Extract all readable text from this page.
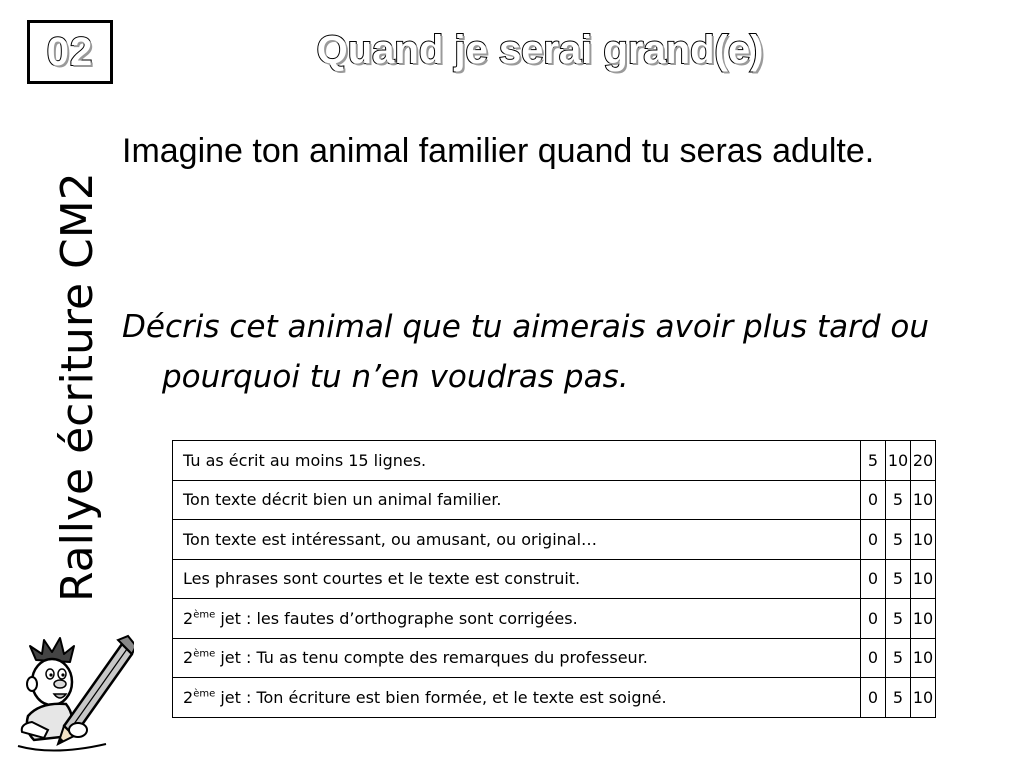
02	Quand je serai grand(e)
Rallye écriture CM2

Imagine ton animal familier quand tu seras adulte.

Décris cet animal que tu aimerais avoir plus tard ou pourquoi tu n’en voudras pas.

Tu as écrit au moins 15 lignes.	5	10	20
Ton texte décrit bien un animal familier.	0	5	10
Ton texte est intéressant, ou amusant, ou original…	0	5	10
Les phrases sont courtes et le texte est construit.	0	5	10
2ème jet : les fautes d’orthographe sont corrigées.	0	5	10
2ème jet : Tu as tenu compte des remarques du professeur.	0	5	10
2ème jet : Ton écriture est bien formée, et le texte est soigné.	0	5	10
